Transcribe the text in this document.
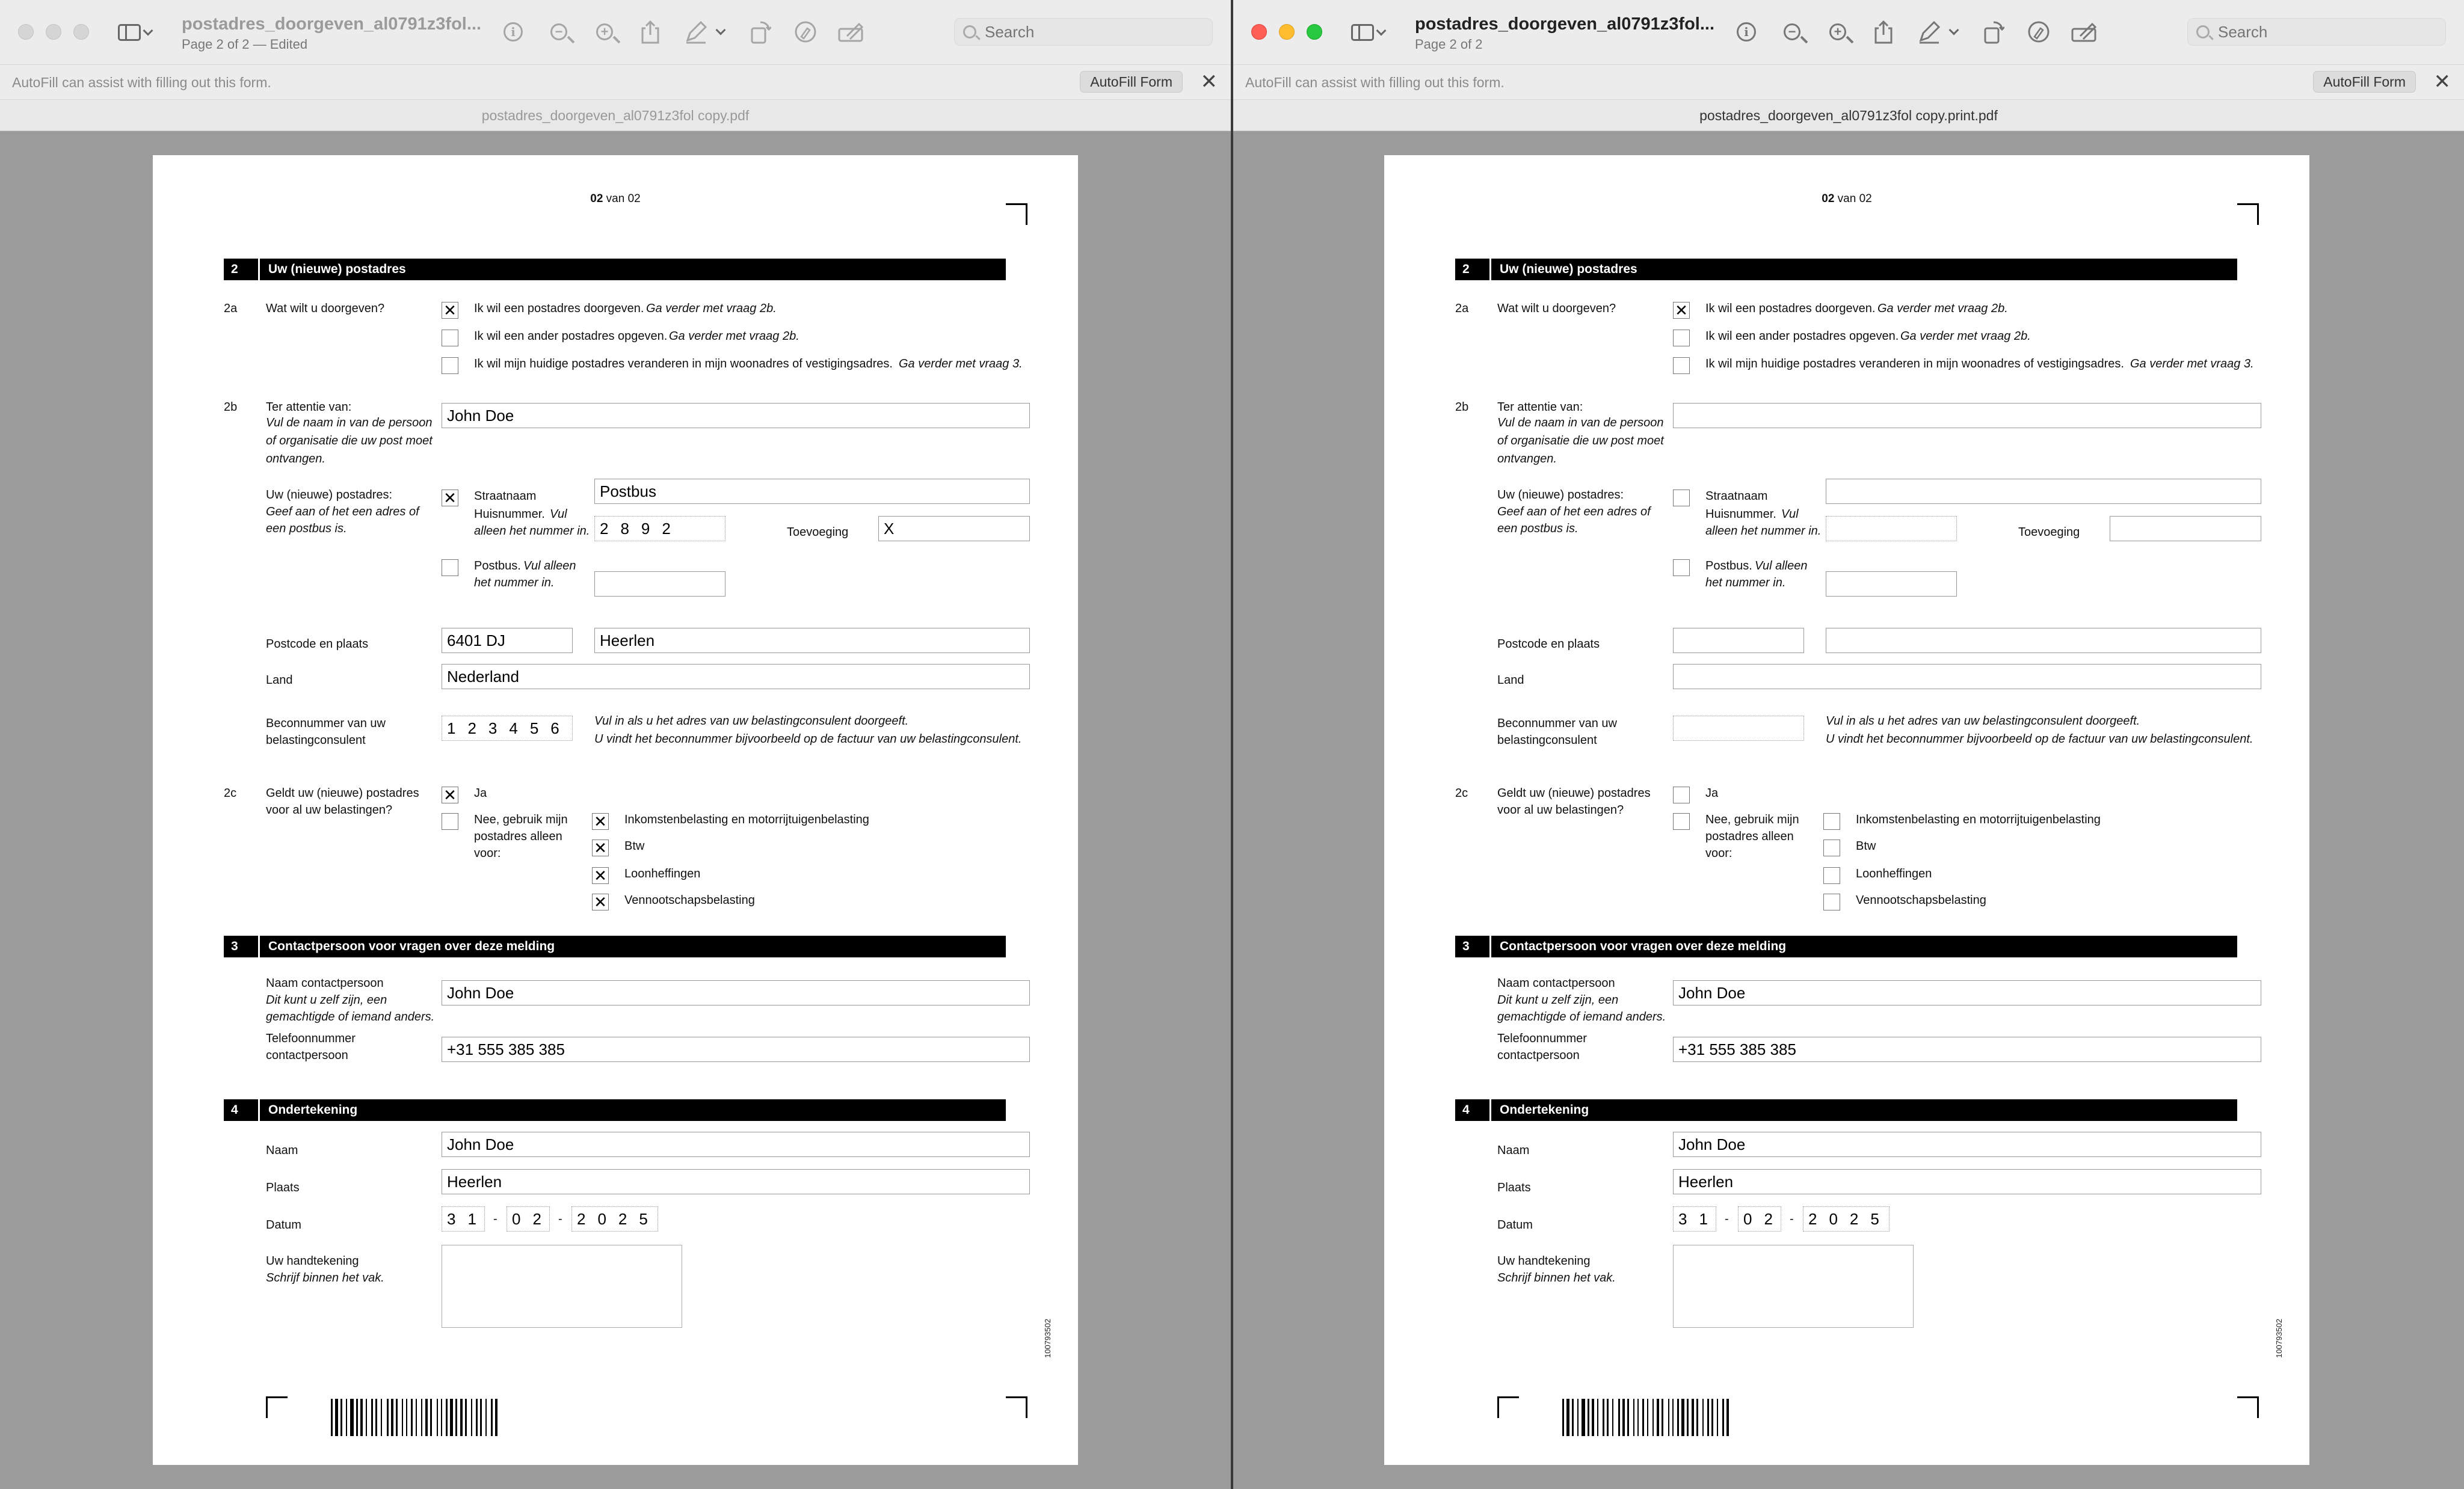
postadres_doorgeven_al0791z3fol...
Page 2 of 2 — Edited
i	−	+
Search
AutoFill can assist with filling out this form.	AutoFill Form	✕
postadres_doorgeven_al0791z3fol copy.pdf
02 van 02
2	Uw (nieuwe) postadres
2a Wat wilt u doorgeven?	✕ Ik wil een postadres doorgeven. Ga verder met vraag 2b.
Ik wil een ander postadres opgeven. Ga verder met vraag 2b.
Ik wil mijn huidige postadres veranderen in mijn woonadres of vestigingsadres. Ga verder met vraag 3.
2b Ter attentie van:
Vul de naam in van de persoon
of organisatie die uw post moet
ontvangen.
John Doe
Uw (nieuwe) postadres:
Geef aan of het een adres of
een postbus is.
✕ Straatnaam	Postbus
Huisnummer. Vul
alleen het nummer in. 2892	Toevoeging	X
Postbus. Vul alleen
het nummer in.
Postcode en plaats	6401 DJ	Heerlen
Land	Nederland
Beconnummer van uw
belastingconsulent
123456 Vul in als u het adres van uw belastingconsulent doorgeeft.
U vindt het beconnummer bijvoorbeeld op de factuur van uw belastingconsulent.
2c Geldt uw (nieuwe) postadres
voor al uw belastingen?
✕ Ja
Nee, gebruik mijn
postadres alleen
voor:
✕ Inkomstenbelasting en motorrijtuigenbelasting
✕ Btw
✕ Loonheffingen
✕ Vennootschapsbelasting
3	Contactpersoon voor vragen over deze melding
Naam contactpersoon
Dit kunt u zelf zijn, een
gemachtigde of iemand anders.
John Doe
Telefoonnummer
contactpersoon	+31 555 385 385
4	Ondertekening
Naam	John Doe
Plaats	Heerlen
Datum	31 - 02 - 2025
Uw handtekening
Schrijf binnen het vak.
100793502
postadres_doorgeven_al0791z3fol...
Page 2 of 2
i	−	+
Search
AutoFill can assist with filling out this form.	AutoFill Form	✕
postadres_doorgeven_al0791z3fol copy.print.pdf
02 van 02
2	Uw (nieuwe) postadres
2a Wat wilt u doorgeven?	✕ Ik wil een postadres doorgeven. Ga verder met vraag 2b.
Ik wil een ander postadres opgeven. Ga verder met vraag 2b.
Ik wil mijn huidige postadres veranderen in mijn woonadres of vestigingsadres. Ga verder met vraag 3.
2b Ter attentie van:
Vul de naam in van de persoon
of organisatie die uw post moet
ontvangen.
Uw (nieuwe) postadres:
Geef aan of het een adres of
een postbus is.
Straatnaam
Huisnummer. Vul
alleen het nummer in.	Toevoeging
Postbus. Vul alleen
het nummer in.
Postcode en plaats
Land
Beconnummer van uw
belastingconsulent
Vul in als u het adres van uw belastingconsulent doorgeeft.
U vindt het beconnummer bijvoorbeeld op de factuur van uw belastingconsulent.
2c Geldt uw (nieuwe) postadres
voor al uw belastingen?
Ja
Nee, gebruik mijn
postadres alleen
voor:
Inkomstenbelasting en motorrijtuigenbelasting
Btw
Loonheffingen
Vennootschapsbelasting
3	Contactpersoon voor vragen over deze melding
Naam contactpersoon
Dit kunt u zelf zijn, een
gemachtigde of iemand anders.
John Doe
Telefoonnummer
contactpersoon	+31 555 385 385
4	Ondertekening
Naam	John Doe
Plaats	Heerlen
Datum	31 - 02 - 2025
Uw handtekening
Schrijf binnen het vak.
100793502
